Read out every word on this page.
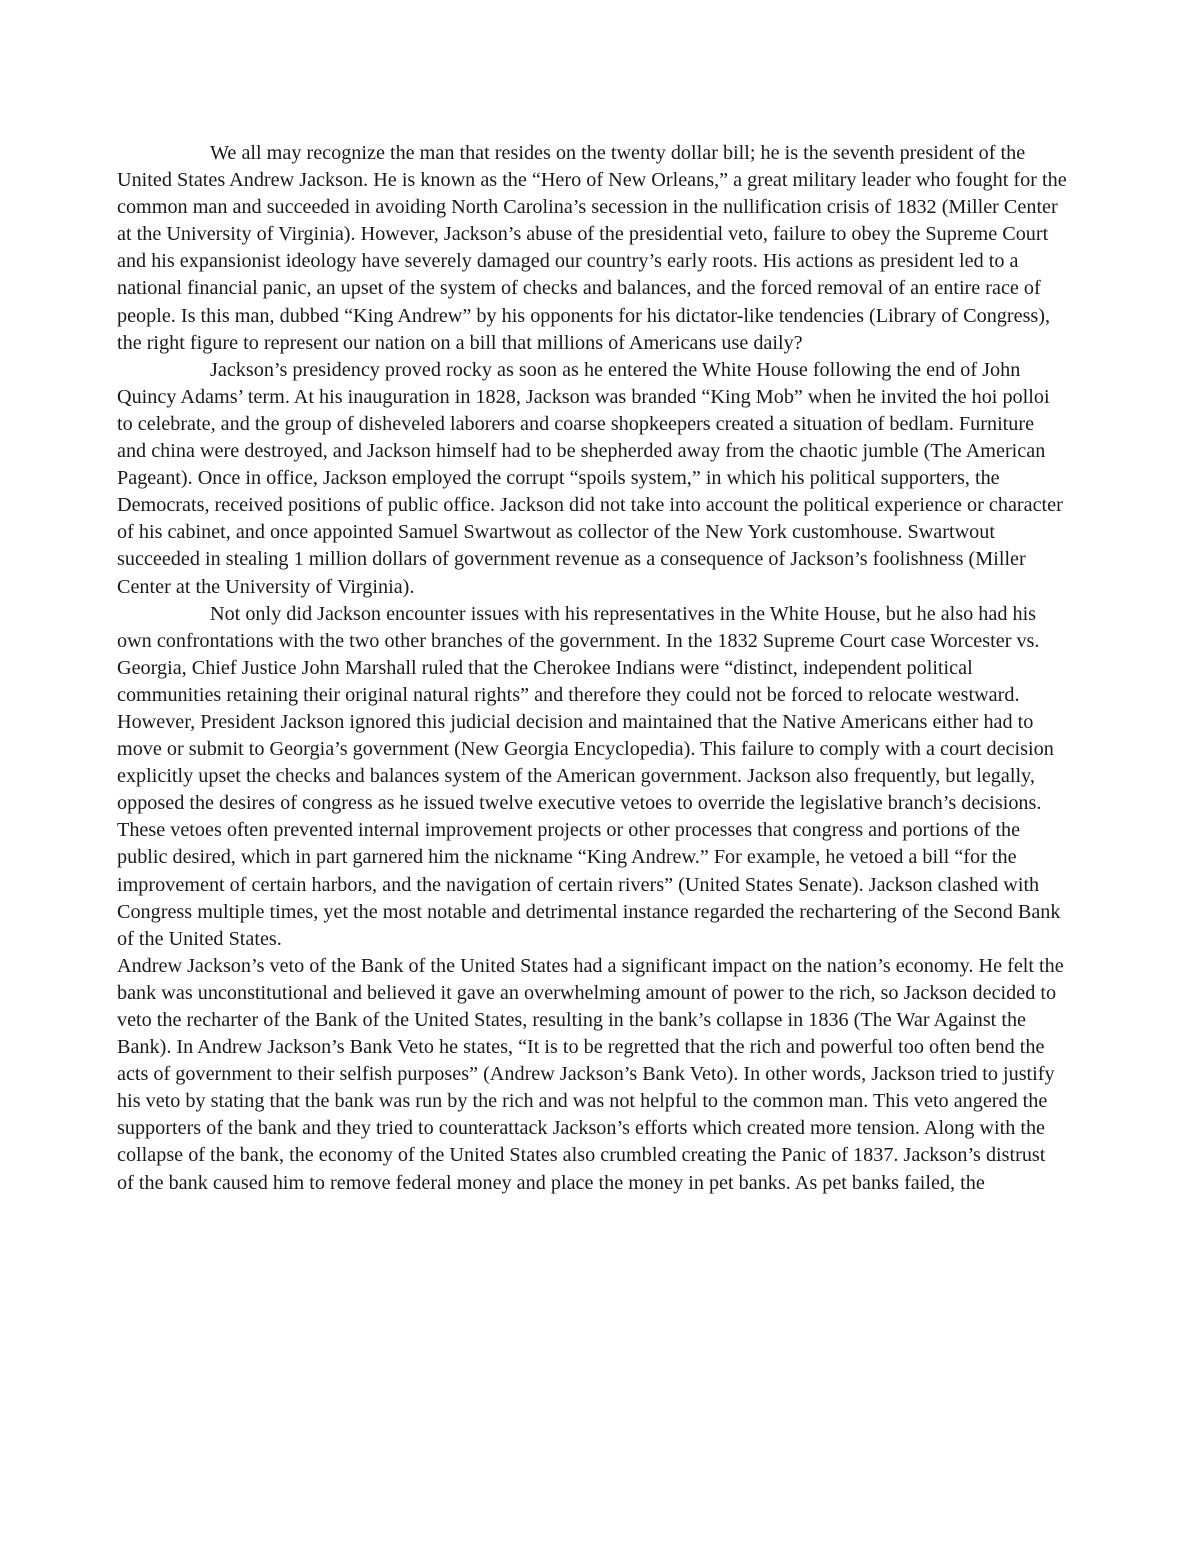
We all may recognize the man that resides on the twenty dollar bill; he is the seventh president of the United States Andrew Jackson. He is known as the “Hero of New Orleans,” a great military leader who fought for the common man and succeeded in avoiding North Carolina’s secession in the nullification crisis of 1832 (Miller Center at the University of Virginia). However, Jackson’s abuse of the presidential veto, failure to obey the Supreme Court and his expansionist ideology have severely damaged our country’s early roots. His actions as president led to a national financial panic, an upset of the system of checks and balances, and the forced removal of an entire race of people. Is this man, dubbed “King Andrew” by his opponents for his dictator-like tendencies (Library of Congress), the right figure to represent our nation on a bill that millions of Americans use daily?

Jackson’s presidency proved rocky as soon as he entered the White House following the end of John Quincy Adams’ term. At his inauguration in 1828, Jackson was branded “King Mob” when he invited the hoi polloi to celebrate, and the group of disheveled laborers and coarse shopkeepers created a situation of bedlam. Furniture and china were destroyed, and Jackson himself had to be shepherded away from the chaotic jumble (The American Pageant). Once in office, Jackson employed the corrupt “spoils system,” in which his political supporters, the Democrats, received positions of public office. Jackson did not take into account the political experience or character of his cabinet, and once appointed Samuel Swartwout as collector of the New York customhouse. Swartwout succeeded in stealing 1 million dollars of government revenue as a consequence of Jackson’s foolishness (Miller Center at the University of Virginia).

Not only did Jackson encounter issues with his representatives in the White House, but he also had his own confrontations with the two other branches of the government. In the 1832 Supreme Court case Worcester vs. Georgia, Chief Justice John Marshall ruled that the Cherokee Indians were “distinct, independent political communities retaining their original natural rights” and therefore they could not be forced to relocate westward. However, President Jackson ignored this judicial decision and maintained that the Native Americans either had to move or submit to Georgia’s government (New Georgia Encyclopedia). This failure to comply with a court decision explicitly upset the checks and balances system of the American government. Jackson also frequently, but legally, opposed the desires of congress as he issued twelve executive vetoes to override the legislative branch’s decisions. These vetoes often prevented internal improvement projects or other processes that congress and portions of the public desired, which in part garnered him the nickname “King Andrew.” For example, he vetoed a bill “for the improvement of certain harbors, and the navigation of certain rivers” (United States Senate). Jackson clashed with Congress multiple times, yet the most notable and detrimental instance regarded the rechartering of the Second Bank of the United States.

Andrew Jackson’s veto of the Bank of the United States had a significant impact on the nation’s economy. He felt the bank was unconstitutional and believed it gave an overwhelming amount of power to the rich, so Jackson decided to veto the recharter of the Bank of the United States, resulting in the bank’s collapse in 1836 (The War Against the Bank). In Andrew Jackson’s Bank Veto he states, “It is to be regretted that the rich and powerful too often bend the acts of government to their selfish purposes” (Andrew Jackson’s Bank Veto). In other words, Jackson tried to justify his veto by stating that the bank was run by the rich and was not helpful to the common man. This veto angered the supporters of the bank and they tried to counterattack Jackson’s efforts which created more tension. Along with the collapse of the bank, the economy of the United States also crumbled creating the Panic of 1837. Jackson’s distrust of the bank caused him to remove federal money and place the money in pet banks. As pet banks failed, the
